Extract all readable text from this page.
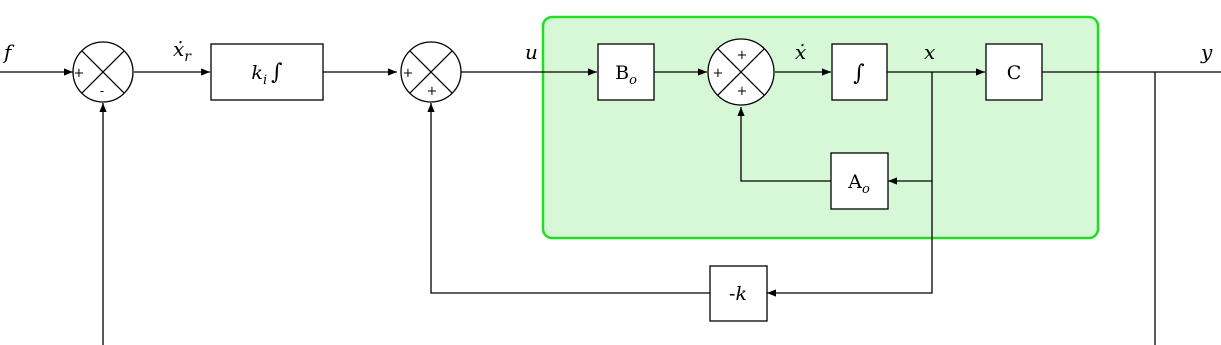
+
-
+
+
+
+
+
$k_i$ ∫	$B_o$	∫	C
$A_o$
-k
f	ẋ$_r$	u	ẋ	x	y
